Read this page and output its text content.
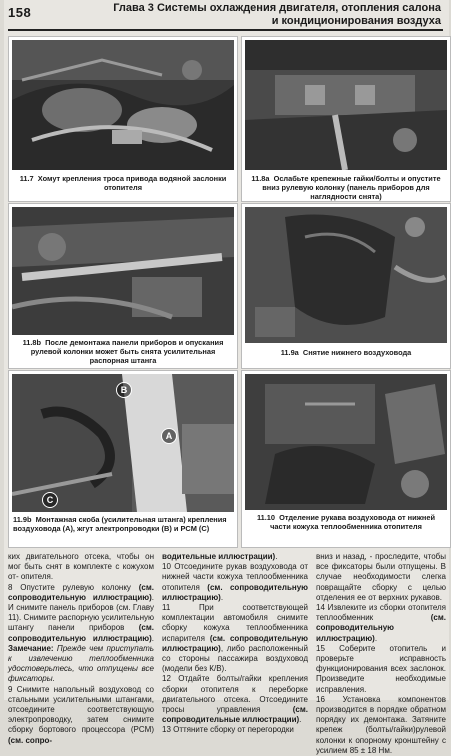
158	Глава 3 Системы охлаждения двигателя, отопления салона
и кондиционирования воздуха
11.7 Хомут крепления троса привода водяной заслонки отопителя
11.8a Ослабьте крепежные гайки/болты и опустите вниз рулевую колонку (панель приборов для наглядности снята)
11.8b После демонтажа панели приборов и опускания рулевой колонки может быть снята усилительная распорная штанга
11.9a Снятие нижнего воздуховода
B
A
C
11.9b Монтажная скоба (усилительная штанга) крепления воздуховода (A), жгут электропроводки (B) и PCM (C)
11.10 Отделение рукава воздуховода от нижней части кожуха теплообменника отопителя

ких двигательного отсека, чтобы он мог быть снят в комплекте с кожухом от- опителя.

8 Опустите рулевую колонку (см. сопроводительную иллюстрацию). И снимите панель приборов (см. Главу 11). Снимите распорную усилительную штангу панели приборов (см. сопроводительную иллюстрацию). Замечание: Прежде чем приступать к извлечению теплообменника удостоверьтесь, что отпущены все фиксаторы.

9 Снимите напольный воздуховод со стальными усилительными штангами, отсоедините соответствующую электропроводку, затем снимите сборку бортового процессора (PCM) (см. сопро-

водительные иллюстрации).

10 Отсоедините рукав воздуховода от нижней части кожуха теплообменника отопителя (см. сопроводительную иллюстрацию).

11 При соответствующей комплектации автомобиля снимите сборку кожуха теплообменника испарителя (см. сопроводительную иллюстрацию), либо расположенный со стороны пассажира воздуховод (модели без К/В).

12 Отдайте болты/гайки крепления сборки отопителя к переборке двигательного отсека. Отсоедините тросы управления (см. сопроводительные иллюстрации).

13 Оттяните сборку от перегородки

вниз и назад, - проследите, чтобы все фиксаторы были отпущены. В случае необходимости слегка повращайте сборку с целью отделения ее от верхних рукавов.

14 Извлеките из сборки отопителя теплообменник (см. сопроводительную иллюстрацию).

15 Соберите отопитель и проверьте исправность функционирования всех заслонок. Произведите необходимые исправления.

16 Установка компонентов производится в порядке обратном порядку их демонтажа. Затяните крепеж (болты/гайки)рулевой колонки к опорному кронштейну с усилием 85 ± 18 Нм.
